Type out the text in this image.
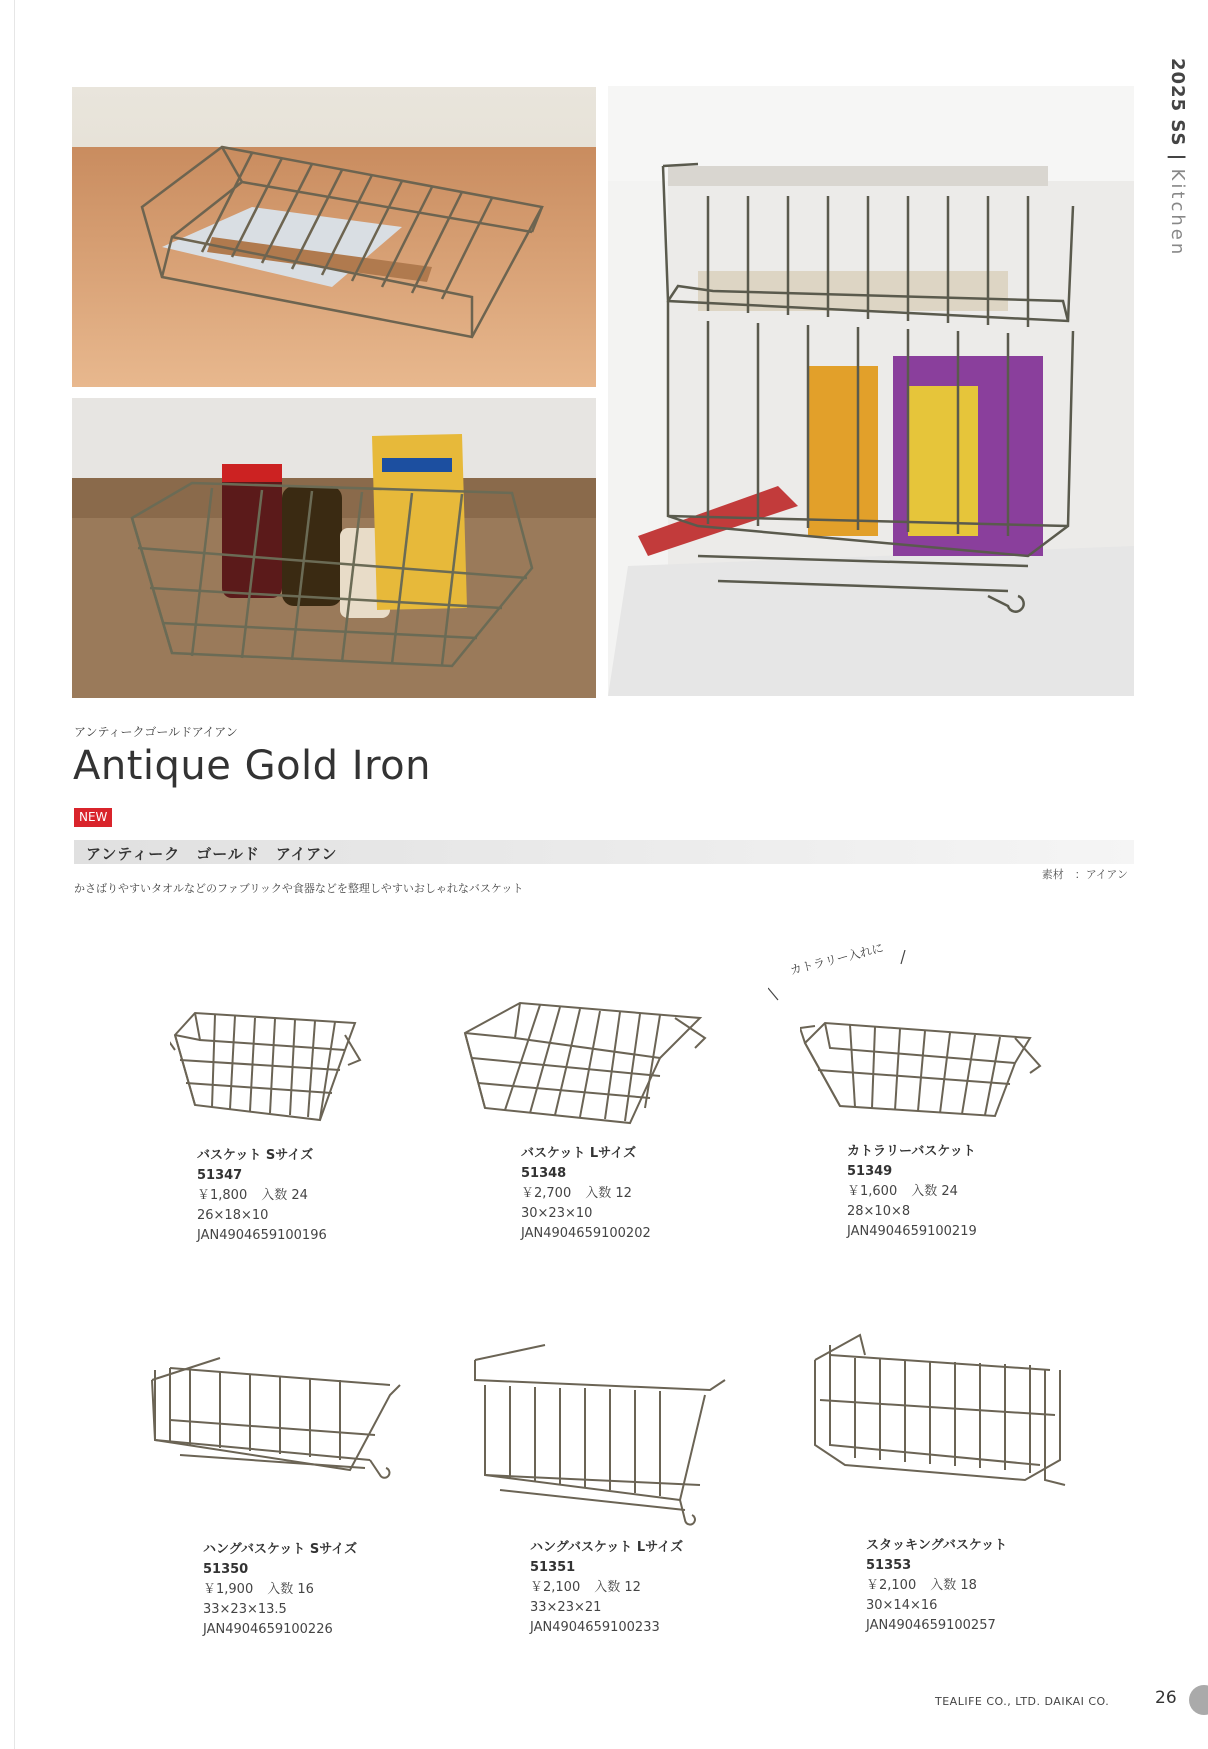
2025 SS | Kitchen
アンティークゴールドアイアン
Antique Gold Iron
NEW
アンティーク　ゴールド　アイアン
素材　：アイアン
かさばりやすいタオルなどのファブリックや食器などを整理しやすいおしゃれなバスケット
カトラリー入れに
バスケット Sサイズ
51347
￥1,800 入数 24
26×18×10
JAN4904659100196
バスケット Lサイズ
51348
￥2,700 入数 12
30×23×10
JAN4904659100202
カトラリーバスケット
51349
￥1,600 入数 24
28×10×8
JAN4904659100219
ハングバスケット Sサイズ
51350
￥1,900 入数 16
33×23×13.5
JAN4904659100226
ハングバスケット Lサイズ
51351
￥2,100 入数 12
33×23×21
JAN4904659100233
スタッキングバスケット
51353
￥2,100 入数 18
30×14×16
JAN4904659100257
TEALIFE CO., LTD. DAIKAI CO.	26
